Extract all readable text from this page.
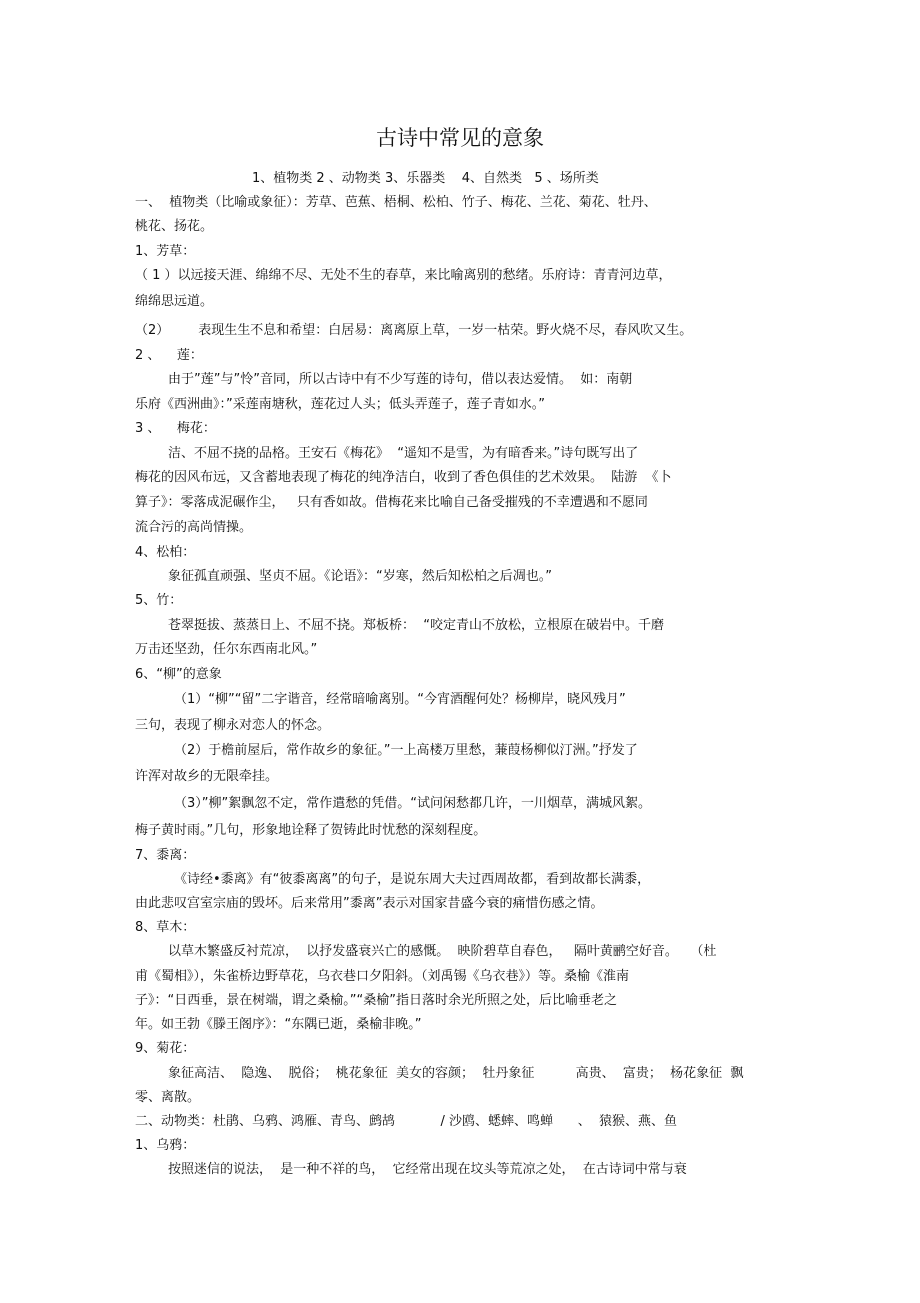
古诗中常见的意象
1、植物类 2 、动物类 3、乐器类    4、自然类   5 、场所类
一、  植物类（比喻或象征）：芳草、芭蕉、梧桐、松柏、竹子、梅花、兰花、菊花、牡丹、
桃花、扬花。
1、芳草：
（ 1 ）以远接天涯、绵绵不尽、无处不生的春草，来比喻离别的愁绪。乐府诗：青青河边草，
绵绵思远道。
（2）       表现生生不息和希望：白居易：离离原上草，一岁一枯荣。野火烧不尽，春风吹又生。
2 、    莲：
由于”莲”与”怜”音同，所以古诗中有不少写莲的诗句，借以表达爱情。  如：南朝
乐府《西洲曲》：”采莲南塘秋，莲花过人头；低头弄莲子，莲子青如水。”
3 、    梅花：
洁、不屈不挠的品格。王安石《梅花》  “遥知不是雪，为有暗香来。”诗句既写出了
梅花的因风布远，又含蓄地表现了梅花的纯净洁白，收到了香色俱佳的艺术效果。  陆游  《卜
算子》：零落成泥碾作尘，   只有香如故。借梅花来比喻自己备受摧残的不幸遭遇和不愿同
流合污的高尚情操。
4、松柏：
象征孤直顽强、坚贞不屈。《论语》：“岁寒，然后知松柏之后凋也。”
5、竹：
苍翠挺拔、蒸蒸日上、不屈不挠。郑板桥：  “咬定青山不放松，立根原在破岩中。千磨
万击还坚劲，任尔东西南北风。”
6、“柳”的意象
（1）“柳”“留”二字谐音，经常暗喻离别。“今宵酒醒何处？杨柳岸，晓风残月”
三句，表现了柳永对恋人的怀念。
（2）于檐前屋后，常作故乡的象征。”一上高楼万里愁，蒹葭杨柳似汀洲。”抒发了
许浑对故乡的无限牵挂。
（3）”柳”絮飘忽不定，常作遣愁的凭借。“试问闲愁都几许，一川烟草，满城风絮。
梅子黄时雨。”几句，形象地诠释了贺铸此时忧愁的深刻程度。
7、黍离：
《诗经•黍离》有“彼黍离离”的句子，是说东周大夫过西周故都，看到故都长满黍，
由此悲叹宫室宗庙的毁坏。后来常用”黍离”表示对国家昔盛今衰的痛惜伤感之情。
8、草木：
以草木繁盛反衬荒凉，  以抒发盛衰兴亡的感慨。  映阶碧草自春色，   隔叶黄鹂空好音。   （杜
甫《蜀相》），朱雀桥边野草花，乌衣巷口夕阳斜。（刘禹锡《乌衣巷》）等。桑榆《淮南
子》：“日西垂，景在树端，谓之桑榆。”“桑榆”指日落时余光所照之处，后比喻垂老之
年。如王勃《滕王阁序》：“东隅已逝，桑榆非晚。”
9、菊花：
象征高洁、  隐逸、  脱俗；  桃花象征  美女的容颜；  牡丹象征          高贵、  富贵；  杨花象征  飘
零、离散。
二、动物类：杜鹃、乌鸦、鸿雁、青鸟、鹧鸪           / 沙鸥、蟋蟀、鸣蝉      、  猿猴、燕、鱼
1、乌鸦：
按照迷信的说法，  是一种不祥的鸟，  它经常出现在坟头等荒凉之处，  在古诗词中常与衰
